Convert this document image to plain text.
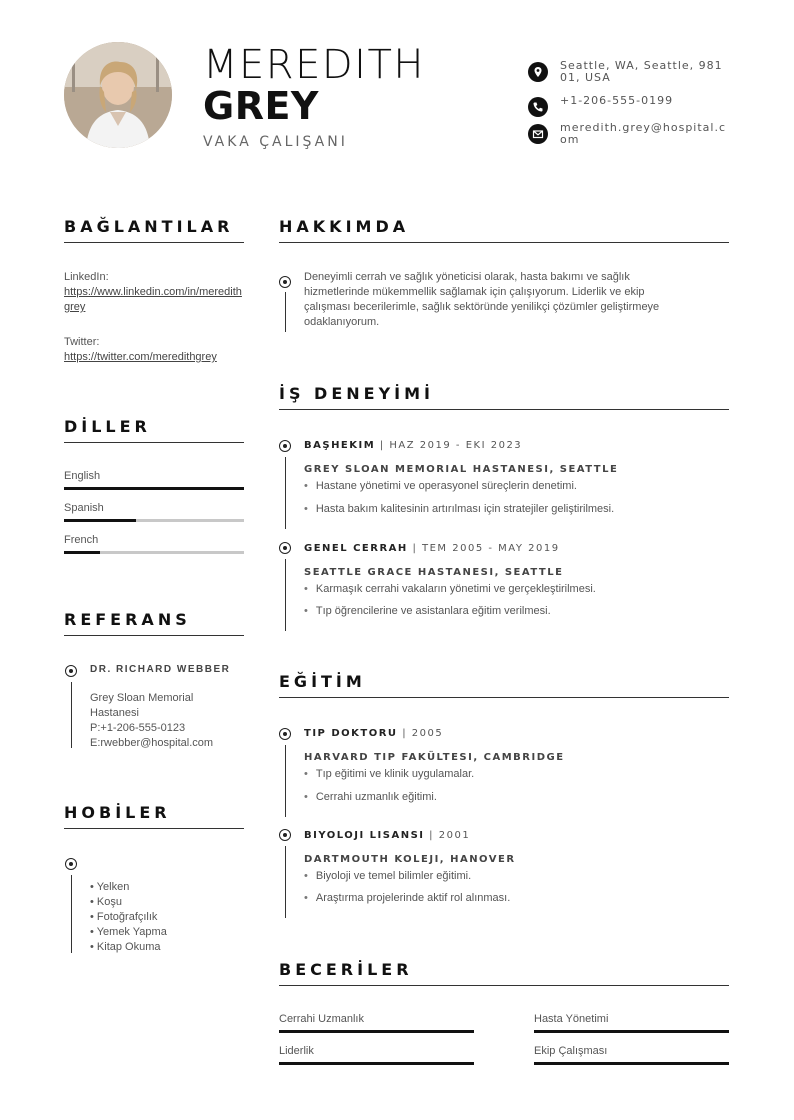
MEREDITH
GREY
VAKA ÇALIŞANI
Seattle, WA, Seattle, 98101, USA
+1-206-555-0199
meredith.grey@hospital.com
BAĞLANTILAR
LinkedIn:
https://www.linkedin.com/in/meredithgrey
Twitter:
https://twitter.com/meredithgrey
DİLLER
English
Spanish
French
REFERANS
DR. RICHARD WEBBER
Grey Sloan Memorial
Hastanesi
P:+1-206-555-0123
E:rwebber@hospital.com
HOBİLER
• Yelken
• Koşu
• Fotoğrafçılık
• Yemek Yapma
• Kitap Okuma
HAKKIMDA
Deneyimli cerrah ve sağlık yöneticisi olarak, hasta bakımı ve sağlık
hizmetlerinde mükemmellik sağlamak için çalışıyorum. Liderlik ve ekip
çalışması becerilerimle, sağlık sektöründe yenilikçi çözümler geliştirmeye
odaklanıyorum.
İŞ DENEYİMİ
BAŞHEKIM | HAZ 2019 - EKI 2023
GREY SLOAN MEMORIAL HASTANESI, SEATTLE
• Hastane yönetimi ve operasyonel süreçlerin denetimi.
• Hasta bakım kalitesinin artırılması için stratejiler geliştirilmesi.
GENEL CERRAH | TEM 2005 - MAY 2019
SEATTLE GRACE HASTANESI, SEATTLE
• Karmaşık cerrahi vakaların yönetimi ve gerçekleştirilmesi.
• Tıp öğrencilerine ve asistanlara eğitim verilmesi.
EĞİTİM
TIP DOKTORU | 2005
HARVARD TIP FAKÜLTESI, CAMBRIDGE
• Tıp eğitimi ve klinik uygulamalar.
• Cerrahi uzmanlık eğitimi.
BIYOLOJI LISANSI | 2001
DARTMOUTH KOLEJI, HANOVER
• Biyoloji ve temel bilimler eğitimi.
• Araştırma projelerinde aktif rol alınması.
BECERİLER
Cerrahi Uzmanlık	Hasta Yönetimi
Liderlik	Ekip Çalışması
